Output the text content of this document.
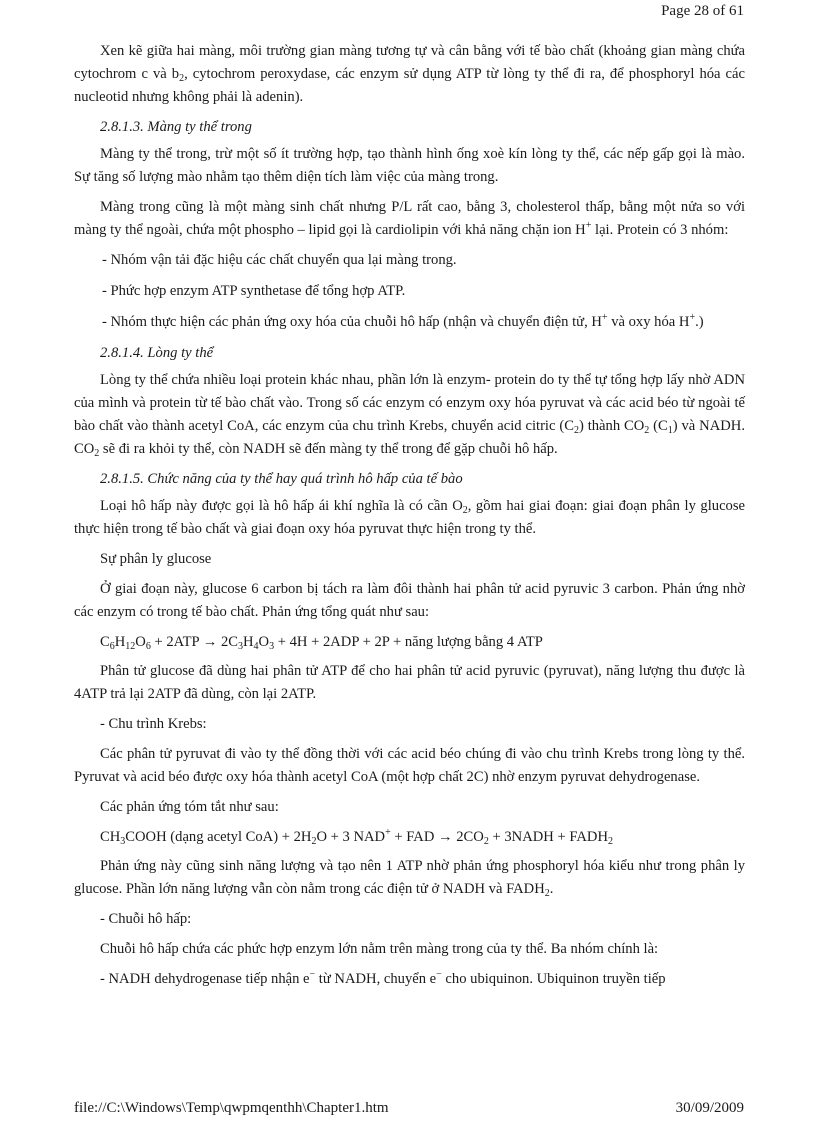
Page 28 of 61
Xen kẽ giữa hai màng, môi trường gian màng tương tự và cân bằng với tế bào chất (khoảng gian màng chứa cytochrom c và $b_2$, cytochrom peroxydase, các enzym sử dụng ATP từ lòng ty thể đi ra, để phosphoryl hóa các nucleotid nhưng không phải là adenin).
2.8.1.3. Màng ty thể trong
Màng ty thể trong, trừ một số ít trường hợp, tạo thành hình ống xoè kín lòng ty thể, các nếp gấp gọi là mào. Sự tăng số lượng mào nhằm tạo thêm diện tích làm việc của màng trong.
Màng trong cũng là một màng sinh chất nhưng P/L rất cao, bằng 3, cholesterol thấp, bằng một nửa so với màng ty thể ngoài, chứa một phospho – lipid gọi là cardiolipin với khả năng chặn ion H+ lại. Protein có 3 nhóm:
- Nhóm vận tải đặc hiệu các chất chuyển qua lại màng trong.
- Phức hợp enzym ATP synthetase để tổng hợp ATP.
- Nhóm thực hiện các phản ứng oxy hóa của chuỗi hô hấp (nhận và chuyển điện tử, H+ và oxy hóa H+.)
2.8.1.4. Lòng ty thể
Lòng ty thể chứa nhiều loại protein khác nhau, phần lớn là enzym- protein do ty thể tự tổng hợp lấy nhờ ADN của mình và protein từ tế bào chất vào. Trong số các enzym có enzym oxy hóa pyruvat và các acid béo từ ngoài tế bào chất vào thành acetyl CoA, các enzym của chu trình Krebs, chuyển acid citric $(C_2)$ thành $CO_2$ $(C_1)$ và NADH. $CO_2$ sẽ đi ra khỏi ty thể, còn NADH sẽ đến màng ty thể trong để gặp chuỗi hô hấp.
2.8.1.5. Chức năng của ty thể hay quá trình hô hấp của tế bào
Loại hô hấp này được gọi là hô hấp ái khí nghĩa là có cần $O_2$, gồm hai giai đoạn: giai đoạn phân ly glucose thực hiện trong tế bào chất và giai đoạn oxy hóa pyruvat thực hiện trong ty thể.
Sự phân ly glucose
Ở giai đoạn này, glucose 6 carbon bị tách ra làm đôi thành hai phân tử acid pyruvic 3 carbon. Phản ứng nhờ các enzym có trong tế bào chất. Phản ứng tổng quát như sau:
$C_6H_{12}O_6 + 2ATP \to 2C_3H_4O_3 + 4H + 2ADP + 2P$ + năng lượng bằng 4 ATP
Phân tử glucose đã dùng hai phân tử ATP để cho hai phân tử acid pyruvic (pyruvat), năng lượng thu được là 4ATP trả lại 2ATP đã dùng, còn lại 2ATP.
- Chu trình Krebs:
Các phân tử pyruvat đi vào ty thể đồng thời với các acid béo chúng đi vào chu trình Krebs trong lòng ty thể. Pyruvat và acid béo được oxy hóa thành acetyl CoA (một hợp chất 2C) nhờ enzym pyruvat dehydrogenase.
Các phản ứng tóm tắt như sau:
$CH_3COOH$ (dạng acetyl $CoA) + 2H_2O + 3$ NAD+ + FAD → $2CO_2$ + 3NADH + $FADH_2$
Phản ứng này cũng sinh năng lượng và tạo nên 1 ATP nhờ phản ứng phosphoryl hóa kiểu như trong phân ly glucose. Phần lớn năng lượng vẫn còn nằm trong các điện tử ở NADH và $FADH_2$.
- Chuỗi hô hấp:
Chuỗi hô hấp chứa các phức hợp enzym lớn nằm trên màng trong của ty thể. Ba nhóm chính là:
- NADH dehydrogenase tiếp nhận e− từ NADH, chuyển e− cho ubiquinon. Ubiquinon truyền tiếp
file://C:\Windows\Temp\qwpmqenthh\Chapter1.htm	30/09/2009
